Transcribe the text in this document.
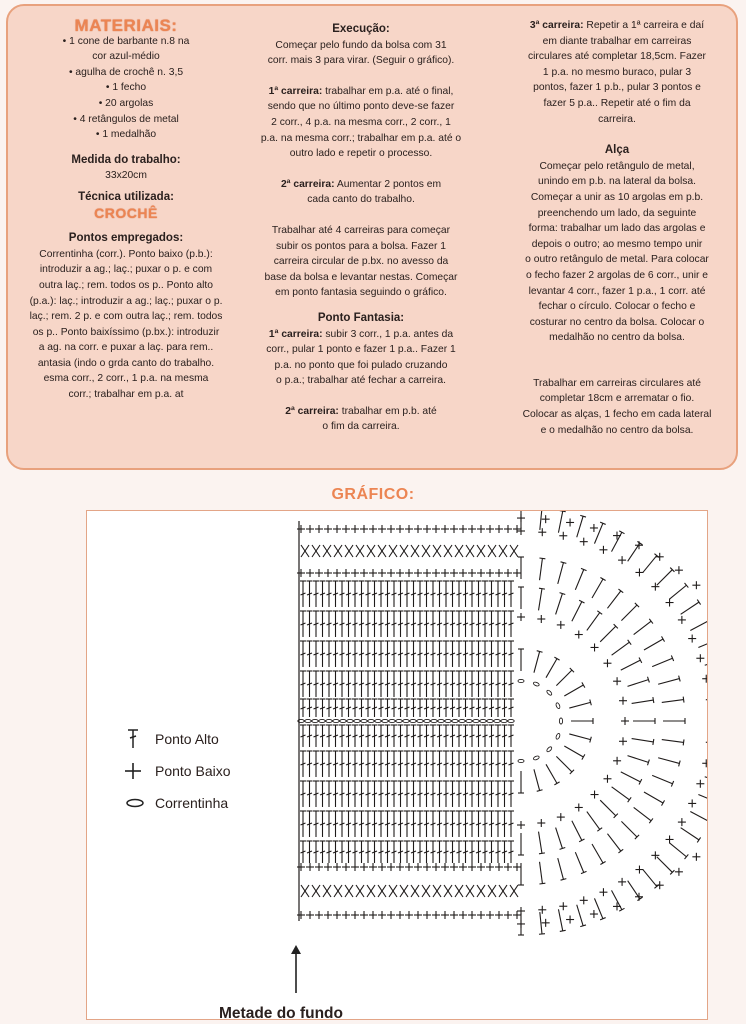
MATERIAIS:
• 1 cone de barbante n.8 na
cor azul-médio
• agulha de crochê n. 3,5
• 1 fecho
• 20 argolas
• 4 retângulos de metal
• 1 medalhão
Medida do trabalho:
33x20cm
Técnica utilizada:
CROCHÊ
Pontos empregados:
Correntinha (corr.). Ponto baixo (p.b.):
introduzir a ag.; laç.; puxar o p. e com
outra laç.; rem. todos os p.. Ponto alto
(p.a.): laç.; introduzir a ag.; laç.; puxar o p.
laç.; rem. 2 p. e com outra laç.; rem. todos
os p.. Ponto baixíssimo (p.bx.): introduzir
a ag. na corr. e puxar a laç. para rem..
antasia (indo o grda canto do trabalho.
esma corr., 2 corr., 1 p.a. na mesma
corr.; trabalhar em p.a. at
Execução:
Começar pelo fundo da bolsa com 31
corr. mais 3 para virar. (Seguir o gráfico).
1ª carreira: trabalhar em p.a. até o final,
sendo que no último ponto deve-se fazer
2 corr., 4 p.a. na mesma corr., 2 corr., 1
p.a. na mesma corr.; trabalhar em p.a. até o
outro lado e repetir o processo.
2ª carreira: Aumentar 2 pontos em
cada canto do trabalho.
Trabalhar até 4 carreiras para começar
subir os pontos para a bolsa. Fazer 1
carreira circular de p.bx. no avesso da
base da bolsa e levantar nestas. Começar
em ponto fantasia seguindo o gráfico.
Ponto Fantasia:
1ª carreira: subir 3 corr., 1 p.a. antes da
corr., pular 1 ponto e fazer 1 p.a.. Fazer 1
p.a. no ponto que foi pulado cruzando
o p.a.; trabalhar até fechar a carreira.
2ª carreira: trabalhar em p.b. até
o fim da carreira.
3ª carreira: Repetir a 1ª carreira e daí
em diante trabalhar em carreiras
circulares até completar 18,5cm. Fazer
1 p.a. no mesmo buraco, pular 3
pontos, fazer 1 p.b., pular 3 pontos e
fazer 5 p.a.. Repetir até o fim da
carreira.
Alça
Começar pelo retângulo de metal,
unindo em p.b. na lateral da bolsa.
Começar a unir as 10 argolas em p.b.
preenchendo um lado, da seguinte
forma: trabalhar um lado das argolas e
depois o outro; ao mesmo tempo unir
o outro retângulo de metal. Para colocar
o fecho fazer 2 argolas de 6 corr., unir e
levantar 4 corr., fazer 1 p.a., 1 corr. até
fechar o círculo. Colocar o fecho e
costurar no centro da bolsa. Colocar o
medalhão no centro da bolsa.
Trabalhar em carreiras circulares até
completar 18cm e arrematar o fio.
Colocar as alças, 1 fecho em cada lateral
e o medalhão no centro da bolsa.
GRÁFICO:
Ponto Alto
Ponto Baixo
Correntinha
Metade do fundo
